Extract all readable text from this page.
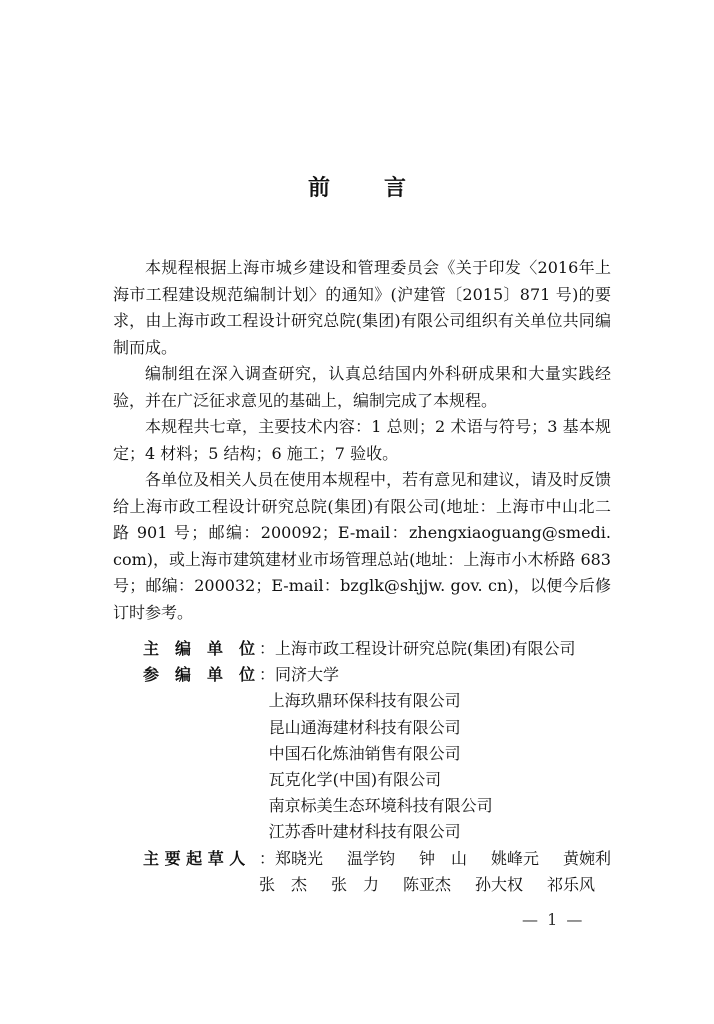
前　言

本规程根据上海市城乡建设和管理委员会《关于印发〈2016年上海市工程建设规范编制计划〉的通知》(沪建管〔2015〕871 号)的要求，由上海市政工程设计研究总院(集团)有限公司组织有关单位共同编制而成。

编制组在深入调查研究，认真总结国内外科研成果和大量实践经验，并在广泛征求意见的基础上，编制完成了本规程。

本规程共七章，主要技术内容：1 总则；2 术语与符号；3 基本规定；4 材料；5 结构；6 施工；7 验收。

各单位及相关人员在使用本规程中，若有意见和建议，请及时反馈给上海市政工程设计研究总院(集团)有限公司(地址：上海市中山北二路 901 号；邮编：200092；E-mail：zhengxiaoguang@smedi. com)，或上海市建筑建材业市场管理总站(地址：上海市小木桥路 683 号；邮编：200032；E-mail：bzglk@shjjw. gov. cn)，以便今后修订时参考。

主　编　单　位 ： 上海市政工程设计研究总院(集团)有限公司
参　编　单　位 ： 同济大学
上海玖鼎环保科技有限公司
昆山通海建材科技有限公司
中国石化炼油销售有限公司
瓦克化学(中国)有限公司
南京标美生态环境科技有限公司
江苏香叶建材科技有限公司
主 要 起 草 人 ： 郑晓光	温学钧	钟　山	姚峰元	黄婉利
张　杰	张　力	陈亚杰	孙大权	祁乐风
— 1 —
